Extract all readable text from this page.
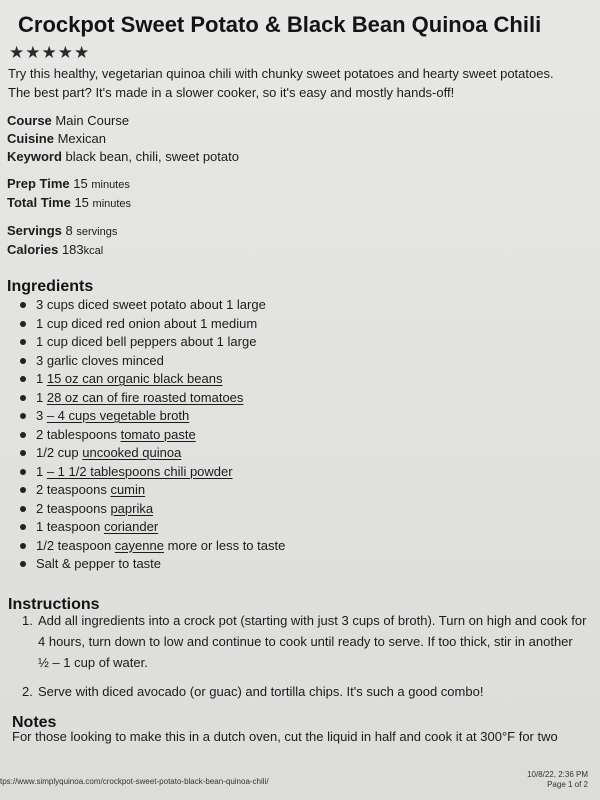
Crockpot Sweet Potato & Black Bean Quinoa Chili
★ ★ ★ ★ ★

Try this healthy, vegetarian quinoa chili with chunky sweet potatoes and hearty sweet potatoes.
The best part? It's made in a slower cooker, so it's easy and mostly hands-off!

Course Main Course
Cuisine Mexican
Keyword black bean, chili, sweet potato
Prep Time 15 minutes
Total Time 15 minutes
Servings 8 servings
Calories 183kcal
Ingredients
3 cups diced sweet potato about 1 large
1 cup diced red onion about 1 medium
1 cup diced bell peppers about 1 large
3 garlic cloves minced
1 15 oz can organic black beans
1 28 oz can of fire roasted tomatoes
3 – 4 cups vegetable broth
2 tablespoons tomato paste
1/2 cup uncooked quinoa
1 – 1 1/2 tablespoons chili powder
2 teaspoons cumin
2 teaspoons paprika
1 teaspoon coriander
1/2 teaspoon cayenne more or less to taste
Salt & pepper to taste
Instructions
1. Add all ingredients into a crock pot (starting with just 3 cups of broth). Turn on high and cook for 4 hours, turn down to low and continue to cook until ready to serve. If too thick, stir in another ½ – 1 cup of water.
2. Serve with diced avocado (or guac) and tortilla chips. It's such a good combo!
Notes

For those looking to make this in a dutch oven, cut the liquid in half and cook it at 300°F for two

tps://www.simplyquinoa.com/crockpot-sweet-potato-black-bean-quinoa-chili/
10/8/22, 2:36 PM
Page 1 of 2
